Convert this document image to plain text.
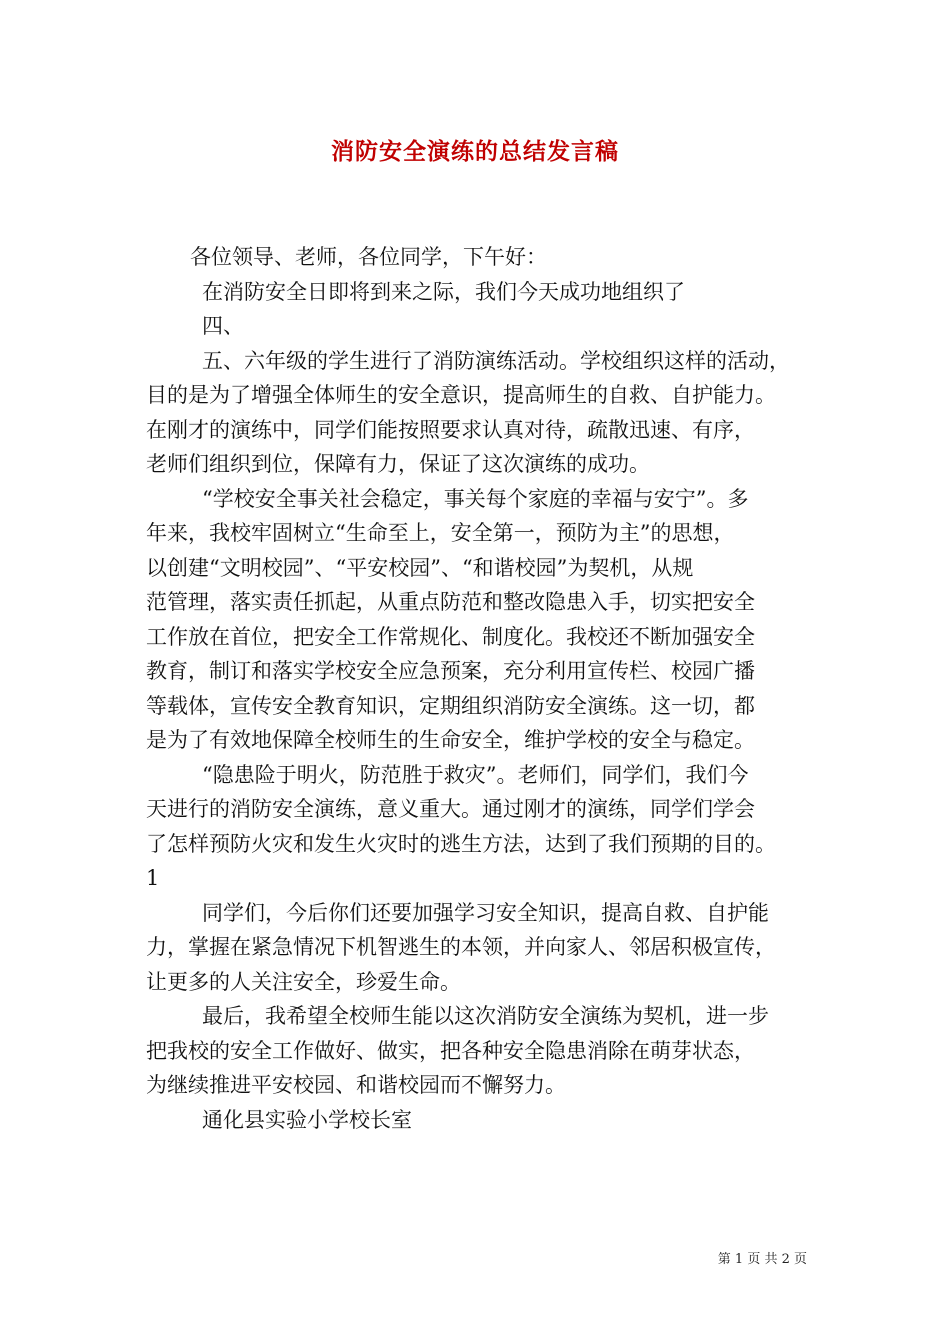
消防安全演练的总结发言稿
各位领导、老师，各位同学，下午好：
在消防安全日即将到来之际，我们今天成功地组织了
四、
五、六年级的学生进行了消防演练活动。学校组织这样的活动，
目的是为了增强全体师生的安全意识，提高师生的自救、自护能力。
在刚才的演练中，同学们能按照要求认真对待，疏散迅速、有序，
老师们组织到位，保障有力，保证了这次演练的成功。
“学校安全事关社会稳定，事关每个家庭的幸福与安宁”。多
年来，我校牢固树立“生命至上，安全第一，预防为主”的思想，
以创建“文明校园”、“平安校园”、“和谐校园”为契机，从规
范管理，落实责任抓起，从重点防范和整改隐患入手，切实把安全
工作放在首位，把安全工作常规化、制度化。我校还不断加强安全
教育，制订和落实学校安全应急预案，充分利用宣传栏、校园广播
等载体，宣传安全教育知识，定期组织消防安全演练。这一切，都
是为了有效地保障全校师生的生命安全，维护学校的安全与稳定。
“隐患险于明火，防范胜于救灾”。老师们，同学们，我们今
天进行的消防安全演练，意义重大。通过刚才的演练，同学们学会
了怎样预防火灾和发生火灾时的逃生方法，达到了我们预期的目的。
1
同学们，今后你们还要加强学习安全知识，提高自救、自护能
力，掌握在紧急情况下机智逃生的本领，并向家人、邻居积极宣传，
让更多的人关注安全，珍爱生命。
最后，我希望全校师生能以这次消防安全演练为契机，进一步
把我校的安全工作做好、做实，把各种安全隐患消除在萌芽状态，
为继续推进平安校园、和谐校园而不懈努力。
通化县实验小学校长室
第 1 页 共 2 页
